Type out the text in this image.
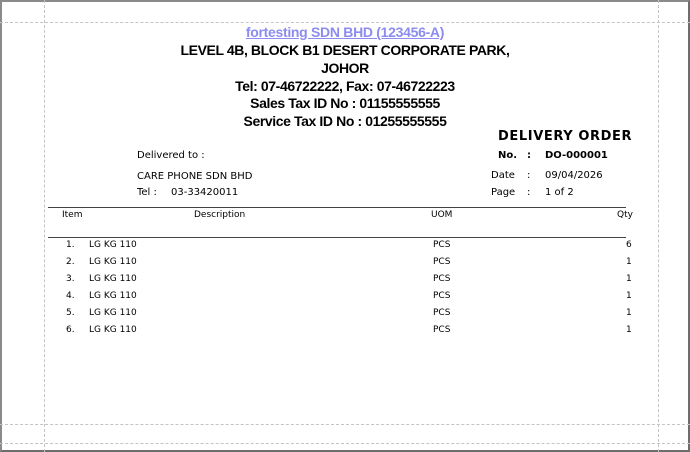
fortesting SDN BHD (123456-A)
LEVEL 4B, BLOCK B1 DESERT CORPORATE PARK,
JOHOR
Tel: 07-46722222, Fax: 07-46722223
Sales Tax ID No : 01155555555
Service Tax ID No : 01255555555
DELIVERY ORDER
Delivered to :
CARE PHONE SDN BHD
Tel : 03-33420011
No. : DO-000001
Date : 09/04/2026
Page : 1 of 2
Item	Description	UOM	Qty
1. LG KG 110	PCS	6
2. LG KG 110	PCS	1
3. LG KG 110	PCS	1
4. LG KG 110	PCS	1
5. LG KG 110	PCS	1
6. LG KG 110	PCS	1
